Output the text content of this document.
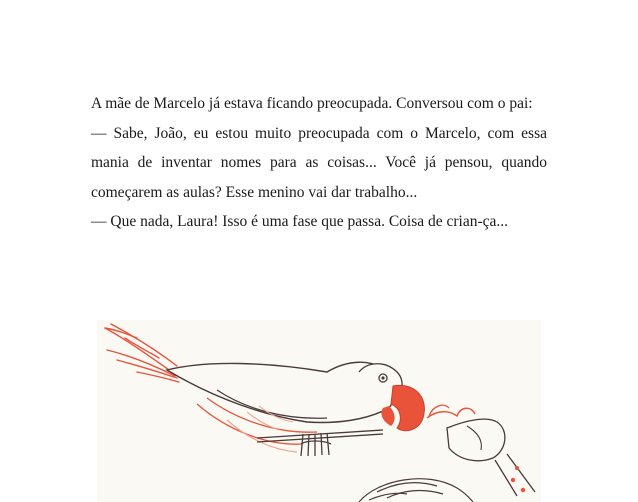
A mãe de Marcelo já estava ficando preocupada. Conversou com o pai:

— Sabe, João, eu estou muito preocupada com o Marcelo, com essa mania de inventar nomes para as coisas... Você já pensou, quando começarem as aulas? Esse menino vai dar trabalho...

— Que nada, Laura! Isso é uma fase que passa. Coisa de crian-ça...
